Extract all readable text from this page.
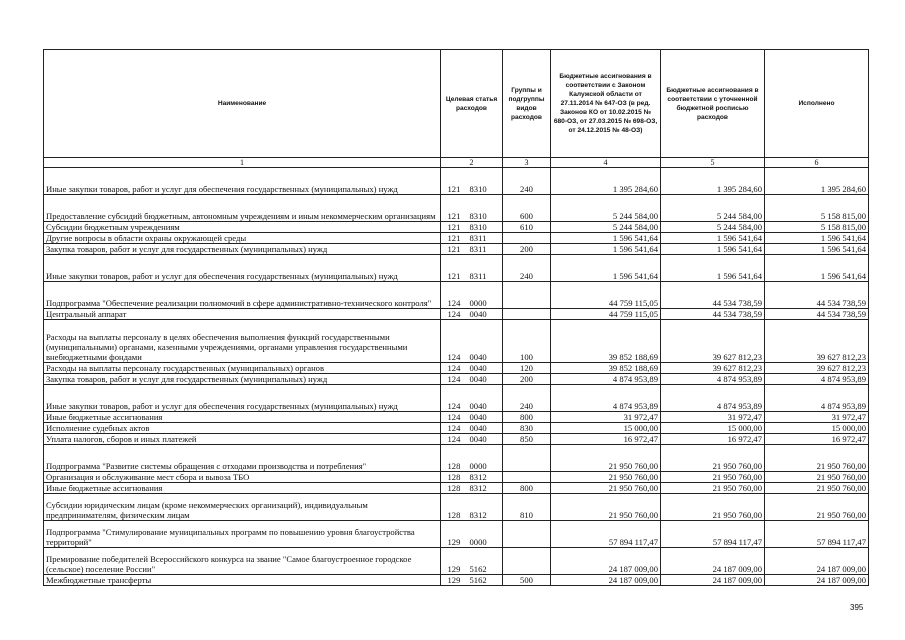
Наименование	Целевая статья расходов	Группы и подгруппы видов расходов	Бюджетные ассигнования в соответствии с Законом Калужской области от 27.11.2014 № 647-ОЗ (в ред. Законов КО от 10.02.2015 № 680-ОЗ, от 27.03.2015 № 698-ОЗ, от 24.12.2015 № 48-ОЗ)	Бюджетные ассигнования в соответствии с уточненной бюджетной росписью расходов	Исполнено
1	2	3	4	5	6
Иные закупки товаров, работ и услуг для обеспечения государственных (муниципальных) нужд	121 8310	240	1 395 284,60	1 395 284,60	1 395 284,60
Предоставление субсидий бюджетным, автономным учреждениям и иным некоммерческим организациям	121 8310	600	5 244 584,00	5 244 584,00	5 158 815,00
Субсидии бюджетным учреждениям	121 8310	610	5 244 584,00	5 244 584,00	5 158 815,00
Другие вопросы в области охраны окружающей среды	121 8311		1 596 541,64	1 596 541,64	1 596 541,64
Закупка товаров, работ и услуг для государственных (муниципальных) нужд	121 8311	200	1 596 541,64	1 596 541,64	1 596 541,64
Иные закупки товаров, работ и услуг для обеспечения государственных (муниципальных) нужд	121 8311	240	1 596 541,64	1 596 541,64	1 596 541,64
Подпрограмма "Обеспечение реализации полномочий в сфере административно-технического контроля"	124 0000		44 759 115,05	44 534 738,59	44 534 738,59
Центральный аппарат	124 0040		44 759 115,05	44 534 738,59	44 534 738,59
Расходы на выплаты персоналу в целях обеспечения выполнения функций государственными (муниципальными) органами, казенными учреждениями, органами управления государственными внебюджетными фондами	124 0040	100	39 852 188,69	39 627 812,23	39 627 812,23
Расходы на выплаты персоналу государственных (муниципальных) органов	124 0040	120	39 852 188,69	39 627 812,23	39 627 812,23
Закупка товаров, работ и услуг для государственных (муниципальных) нужд	124 0040	200	4 874 953,89	4 874 953,89	4 874 953,89
Иные закупки товаров, работ и услуг для обеспечения государственных (муниципальных) нужд	124 0040	240	4 874 953,89	4 874 953,89	4 874 953,89
Иные бюджетные ассигнования	124 0040	800	31 972,47	31 972,47	31 972,47
Исполнение судебных актов	124 0040	830	15 000,00	15 000,00	15 000,00
Уплата налогов, сборов и иных платежей	124 0040	850	16 972,47	16 972,47	16 972,47
Подпрограмма "Развитие системы обращения с отходами производства и потребления"	128 0000		21 950 760,00	21 950 760,00	21 950 760,00
Организация и обслуживание мест сбора и вывоза ТБО	128 8312		21 950 760,00	21 950 760,00	21 950 760,00
Иные бюджетные ассигнования	128 8312	800	21 950 760,00	21 950 760,00	21 950 760,00
Субсидии юридическим лицам (кроме некоммерческих организаций), индивидуальным предпринимателям, физическим лицам	128 8312	810	21 950 760,00	21 950 760,00	21 950 760,00
Подпрограмма "Стимулирование муниципальных программ по повышению уровня благоустройства территорий"	129 0000		57 894 117,47	57 894 117,47	57 894 117,47
Премирование победителей Всероссийского конкурса на звание "Самое благоустроенное городское (сельское) поселение России"	129 5162		24 187 009,00	24 187 009,00	24 187 009,00
Межбюджетные трансферты	129 5162	500	24 187 009,00	24 187 009,00	24 187 009,00
395
